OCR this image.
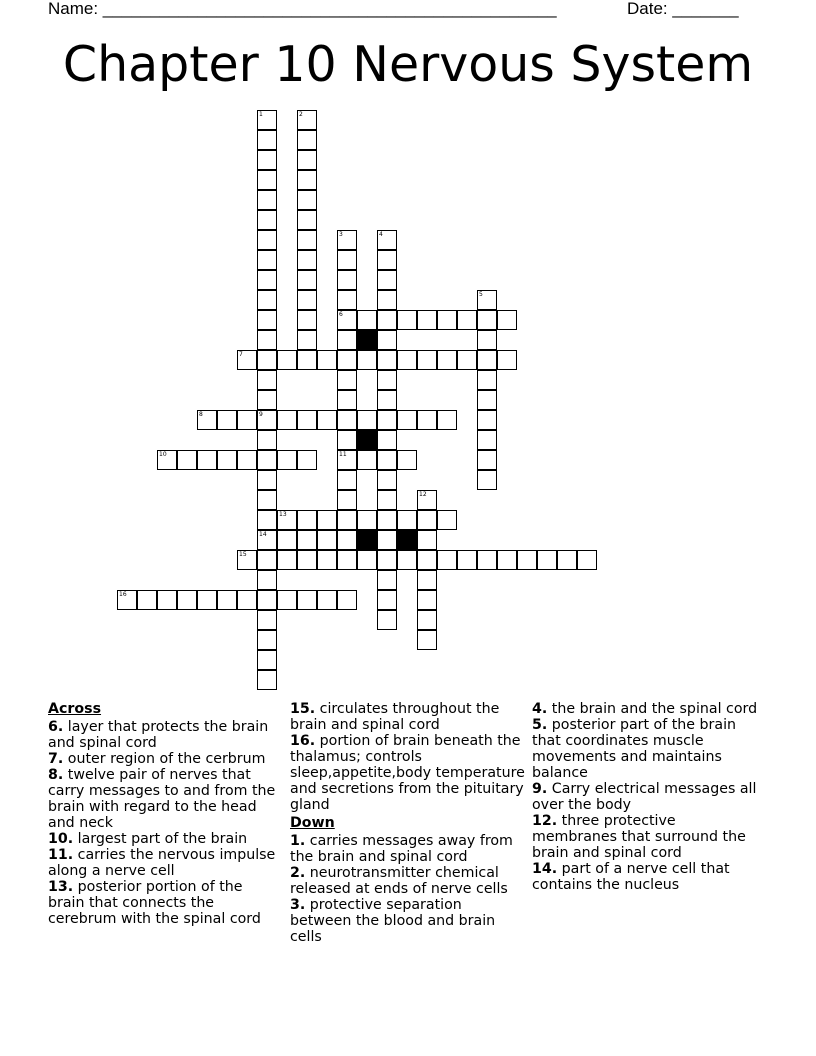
Name: ________________________________________________	Date: _______
Chapter 10 Nervous System
1	2
3	4
5
6
7
8	9
10	11
12
13
14
15
16
Across
6. layer that protects the brain and spinal cord
7. outer region of the cerbrum
8. twelve pair of nerves that carry messages to and from the brain with regard to the head and neck
10. largest part of the brain
11. carries the nervous impulse along a nerve cell
13. posterior portion of the brain that connects the cerebrum with the spinal cord
15. circulates throughout the brain and spinal cord
16. portion of brain beneath the thalamus; controls sleep,appetite,body temperature and secretions from the pituitary gland
Down
1. carries messages away from the brain and spinal cord
2. neurotransmitter chemical released at ends of nerve cells
3. protective separation between the blood and brain cells
4. the brain and the spinal cord
5. posterior part of the brain that coordinates muscle movements and maintains balance
9. Carry electrical messages all over the body
12. three protective membranes that surround the brain and spinal cord
14. part of a nerve cell that contains the nucleus
